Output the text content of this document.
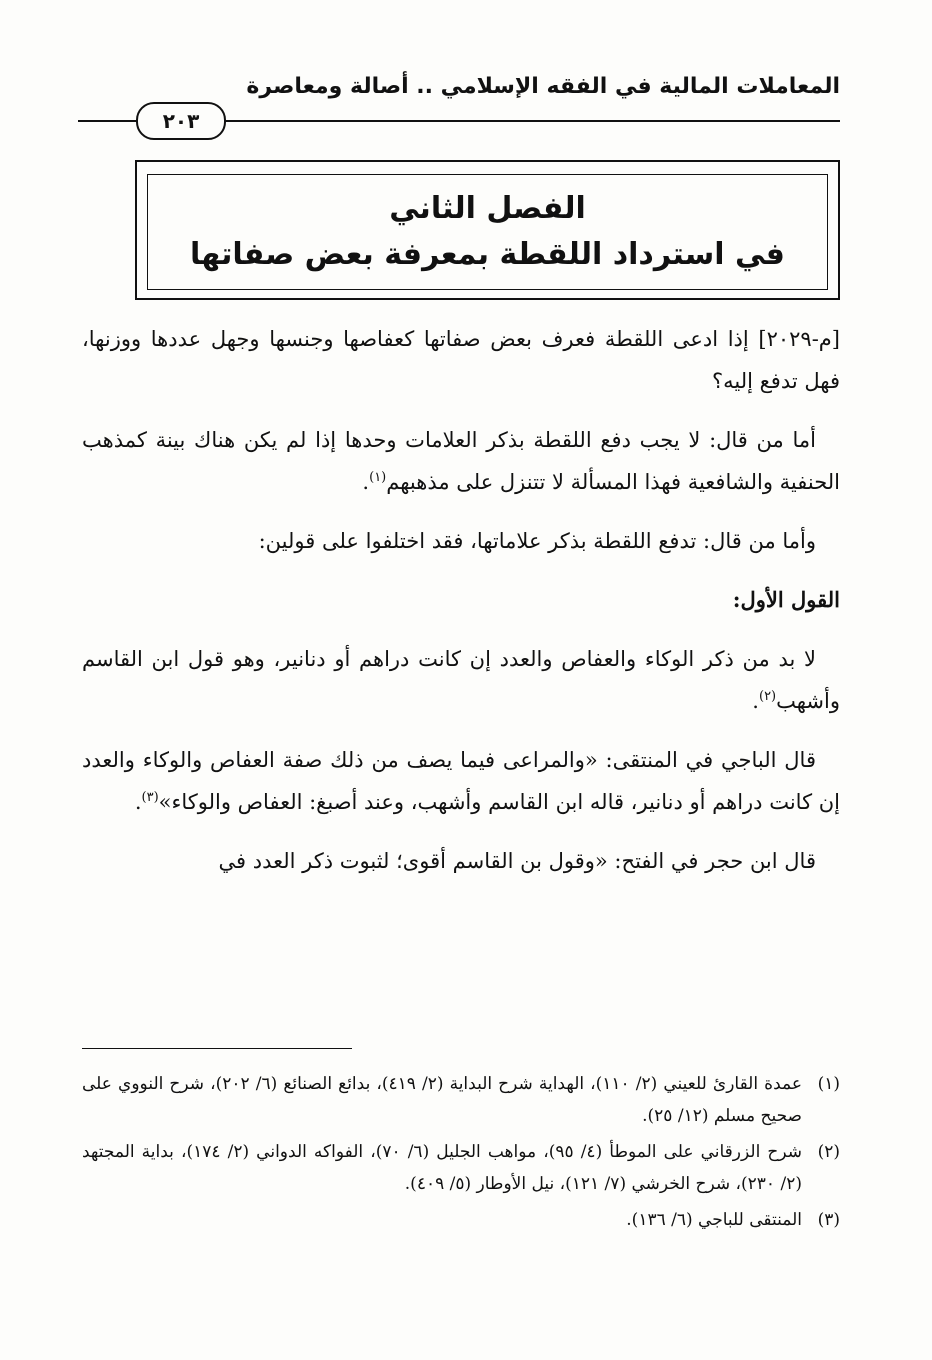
المعاملات المالية في الفقه الإسلامي .. أصالة ومعاصرة
٢٠٣
الفصل الثاني
في استرداد اللقطة بمعرفة بعض صفاتها

[م-٢٠٢٩] إذا ادعى اللقطة فعرف بعض صفاتها كعفاصها وجنسها وجهل عددها ووزنها، فهل تدفع إليه؟

أما من قال: لا يجب دفع اللقطة بذكر العلامات وحدها إذا لم يكن هناك بينة كمذهب الحنفية والشافعية فهذا المسألة لا تتنزل على مذهبهم$^{(١)}$.

وأما من قال: تدفع اللقطة بذكر علاماتها، فقد اختلفوا على قولين:

القول الأول:

لا بد من ذكر الوكاء والعفاص والعدد إن كانت دراهم أو دنانير، وهو قول ابن القاسم وأشهب$^{(٢)}$.

قال الباجي في المنتقى: «والمراعى فيما يصف من ذلك صفة العفاص والوكاء والعدد إن كانت دراهم أو دنانير، قاله ابن القاسم وأشهب، وعند أصبغ: العفاص والوكاء»$^{(٣)}$.

قال ابن حجر في الفتح: «وقول بن القاسم أقوى؛ لثبوت ذكر العدد في

(١)
عمدة القارئ للعيني (٢/ ١١٠)، الهداية شرح البداية (٢/ ٤١٩)، بدائع الصنائع (٦/ ٢٠٢)، شرح النووي على صحيح مسلم (١٢/ ٢٥).
(٢)
شرح الزرقاني على الموطأ (٤/ ٩٥)، مواهب الجليل (٦/ ٧٠)، الفواكه الدواني (٢/ ١٧٤)، بداية المجتهد (٢/ ٢٣٠)، شرح الخرشي (٧/ ١٢١)، نيل الأوطار (٥/ ٤٠٩).
(٣)
المنتقى للباجي (٦/ ١٣٦).
